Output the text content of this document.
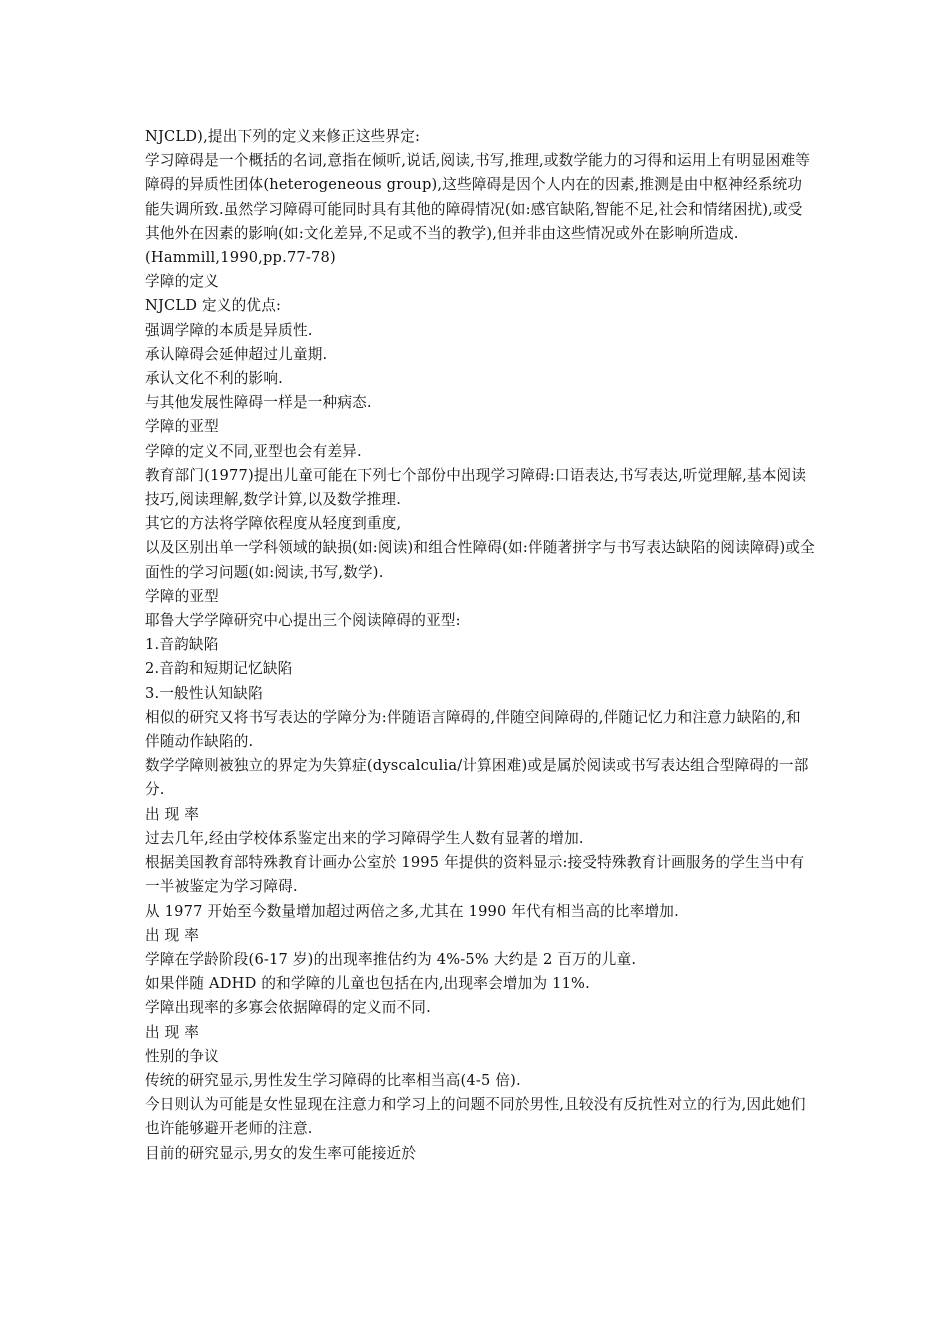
NJCLD),提出下列的定义来修正这些界定:

学习障碍是一个概括的名词,意指在倾听,说话,阅读,书写,推理,或数学能力的习得和运用上有明显困难等障碍的异质性团体(heterogeneous group),这些障碍是因个人内在的因素,推测是由中枢神经系统功能失调所致.虽然学习障碍可能同时具有其他的障碍情况(如:感官缺陷,智能不足,社会和情绪困扰),或受其他外在因素的影响(如:文化差异,不足或不当的教学),但并非由这些情况或外在影响所造成.

(Hammill,1990,pp.77-78)

学障的定义

NJCLD 定义的优点:

强调学障的本质是异质性.

承认障碍会延伸超过儿童期.

承认文化不利的影响.

与其他发展性障碍一样是一种病态.

学障的亚型

学障的定义不同,亚型也会有差异.

教育部门(1977)提出儿童可能在下列七个部份中出现学习障碍:口语表达,书写表达,听觉理解,基本阅读技巧,阅读理解,数学计算,以及数学推理.

其它的方法将学障依程度从轻度到重度,

以及区别出单一学科领域的缺损(如:阅读)和组合性障碍(如:伴随著拼字与书写表达缺陷的阅读障碍)或全面性的学习问题(如:阅读,书写,数学).

学障的亚型

耶鲁大学学障研究中心提出三个阅读障碍的亚型:

1.音韵缺陷

2.音韵和短期记忆缺陷

3.一般性认知缺陷

相似的研究又将书写表达的学障分为:伴随语言障碍的,伴随空间障碍的,伴随记忆力和注意力缺陷的,和伴随动作缺陷的.

数学学障则被独立的界定为失算症(dyscalculia/计算困难)或是属於阅读或书写表达组合型障碍的一部分.

出 现 率

过去几年,经由学校体系鉴定出来的学习障碍学生人数有显著的增加.

根据美国教育部特殊教育计画办公室於 1995 年提供的资料显示:接受特殊教育计画服务的学生当中有一半被鉴定为学习障碍.

从 1977 开始至今数量增加超过两倍之多,尤其在 1990 年代有相当高的比率增加.

出 现 率

学障在学龄阶段(6-17 岁)的出现率推估约为 4%-5% 大约是 2 百万的儿童.

如果伴随 ADHD 的和学障的儿童也包括在内,出现率会增加为 11%.

学障出现率的多寡会依据障碍的定义而不同.

出 现 率

性别的争议

传统的研究显示,男性发生学习障碍的比率相当高(4-5 倍).

今日则认为可能是女性显现在注意力和学习上的问题不同於男性,且较没有反抗性对立的行为,因此她们也许能够避开老师的注意.

目前的研究显示,男女的发生率可能接近於
